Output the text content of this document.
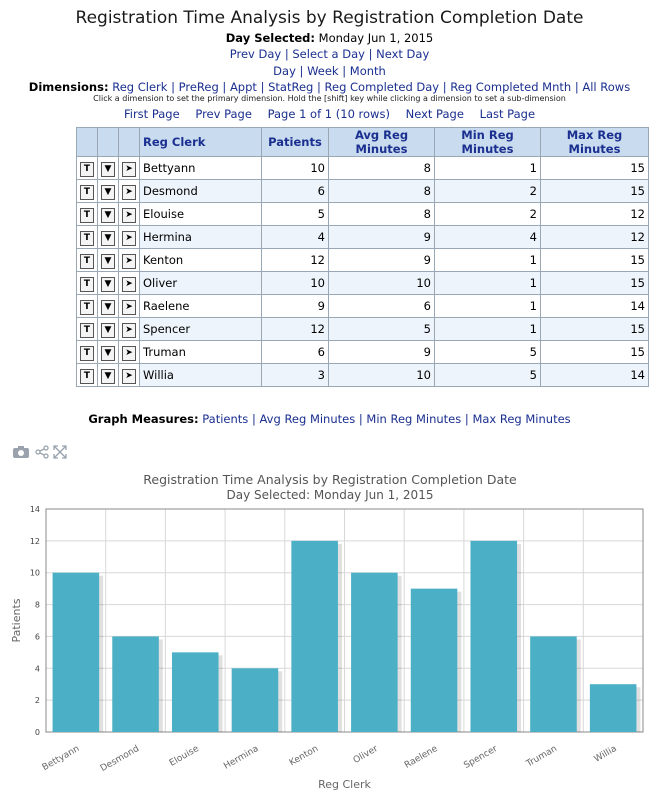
Registration Time Analysis by Registration Completion Date
Day Selected: Monday Jun 1, 2015
Prev Day | Select a Day | Next Day
Day | Week | Month
Dimensions: Reg Clerk | PreReg | Appt | StatReg | Reg Completed Day | Reg Completed Mnth | All Rows
Click a dimension to set the primary dimension. Hold the [shift] key while clicking a dimension to set a sub-dimension
First Page Prev Page Page 1 of 1 (10 rows) Next Page Last Page
			Reg Clerk	Patients	Avg Reg Minutes	Min Reg Minutes	Max Reg Minutes
T	▼	➤	Bettyann	10	8	1	15
T	▼	➤	Desmond	6	8	2	15
T	▼	➤	Elouise	5	8	2	12
T	▼	➤	Hermina	4	9	4	12
T	▼	➤	Kenton	12	9	1	15
T	▼	➤	Oliver	10	10	1	15
T	▼	➤	Raelene	9	6	1	14
T	▼	➤	Spencer	12	5	1	15
T	▼	➤	Truman	6	9	5	15
T	▼	➤	Willia	3	10	5	14
Graph Measures: Patients | Avg Reg Minutes | Min Reg Minutes | Max Reg Minutes
Registration Time Analysis by Registration Completion Date
Day Selected: Monday Jun 1, 2015
0
2
4
6
8
10
12
14
Bettyann Desmond	Elouise Hermina	Kenton	Oliver	Raelene	Spencer	Truman	Willia
Reg Clerk
Patients
